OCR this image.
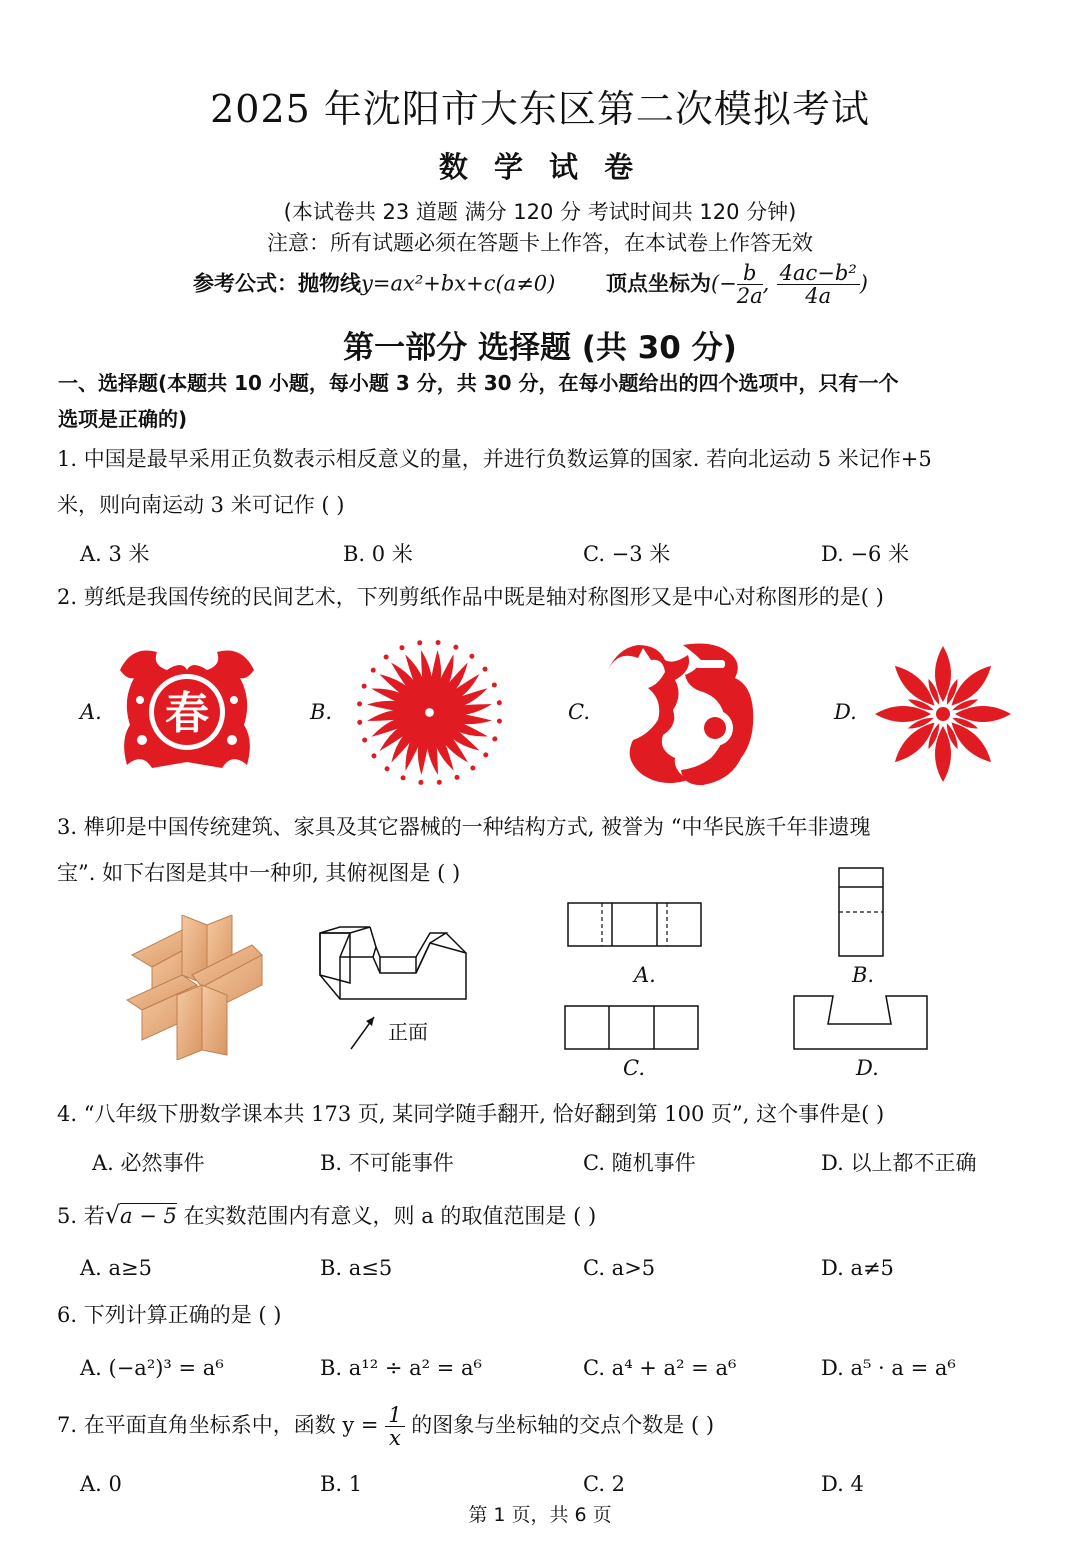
2025 年沈阳市大东区第二次模拟考试
数 学 试 卷
(本试卷共 23 道题 满分 120 分 考试时间共 120 分钟)
注意：所有试题必须在答题卡上作答，在本试卷上作答无效
参考公式：抛物线y=ax²+bx+c(a≠0) 顶点坐标为(− $\frac{b}{2a}$ , $\frac{\text{4ac−b²}}{4a}$ )
第一部分 选择题 (共 30 分)
一、选择题(本题共 10 小题，每小题 3 分，共 30 分，在每小题给出的四个选项中，只有一个
选项是正确的)
1. 中国是最早采用正负数表示相反意义的量，并进行负数运算的国家. 若向北运动 5 米记作+5
米，则向南运动 3 米可记作 ( )
A. 3 米	B. 0 米	C. −3 米	D. −6 米
2. 剪纸是我国传统的民间艺术，下列剪纸作品中既是轴对称图形又是中心对称图形的是( )
A.	B.	C.	D.
春
3. 榫卯是中国传统建筑、家具及其它器械的一种结构方式, 被誉为 “中华民族千年非遗瑰
宝”. 如下右图是其中一种卯, 其俯视图是 ( )
正面
A.	B.
C.	D.
4. “八年级下册数学课本共 173 页, 某同学随手翻开, 恰好翻到第 100 页”, 这个事件是( )
A. 必然事件	B. 不可能事件	C. 随机事件	D. 以上都不正确
5. 若√a − 5 在实数范围内有意义，则 a 的取值范围是 ( )
A. a≥5	B. a≤5	C. a>5	D. a≠5
6. 下列计算正确的是 ( )
A. (−a²)³ = a⁶	B. a¹² ÷ a² = a⁶	C. a⁴ + a² = a⁶	D. a⁵ · a = a⁶
7. 在平面直角坐标系中，函数 $y = \frac{1}{x}$ 的图象与坐标轴的交点个数是 ( )
A. 0	B. 1	C. 2	D. 4
第 1 页，共 6 页
